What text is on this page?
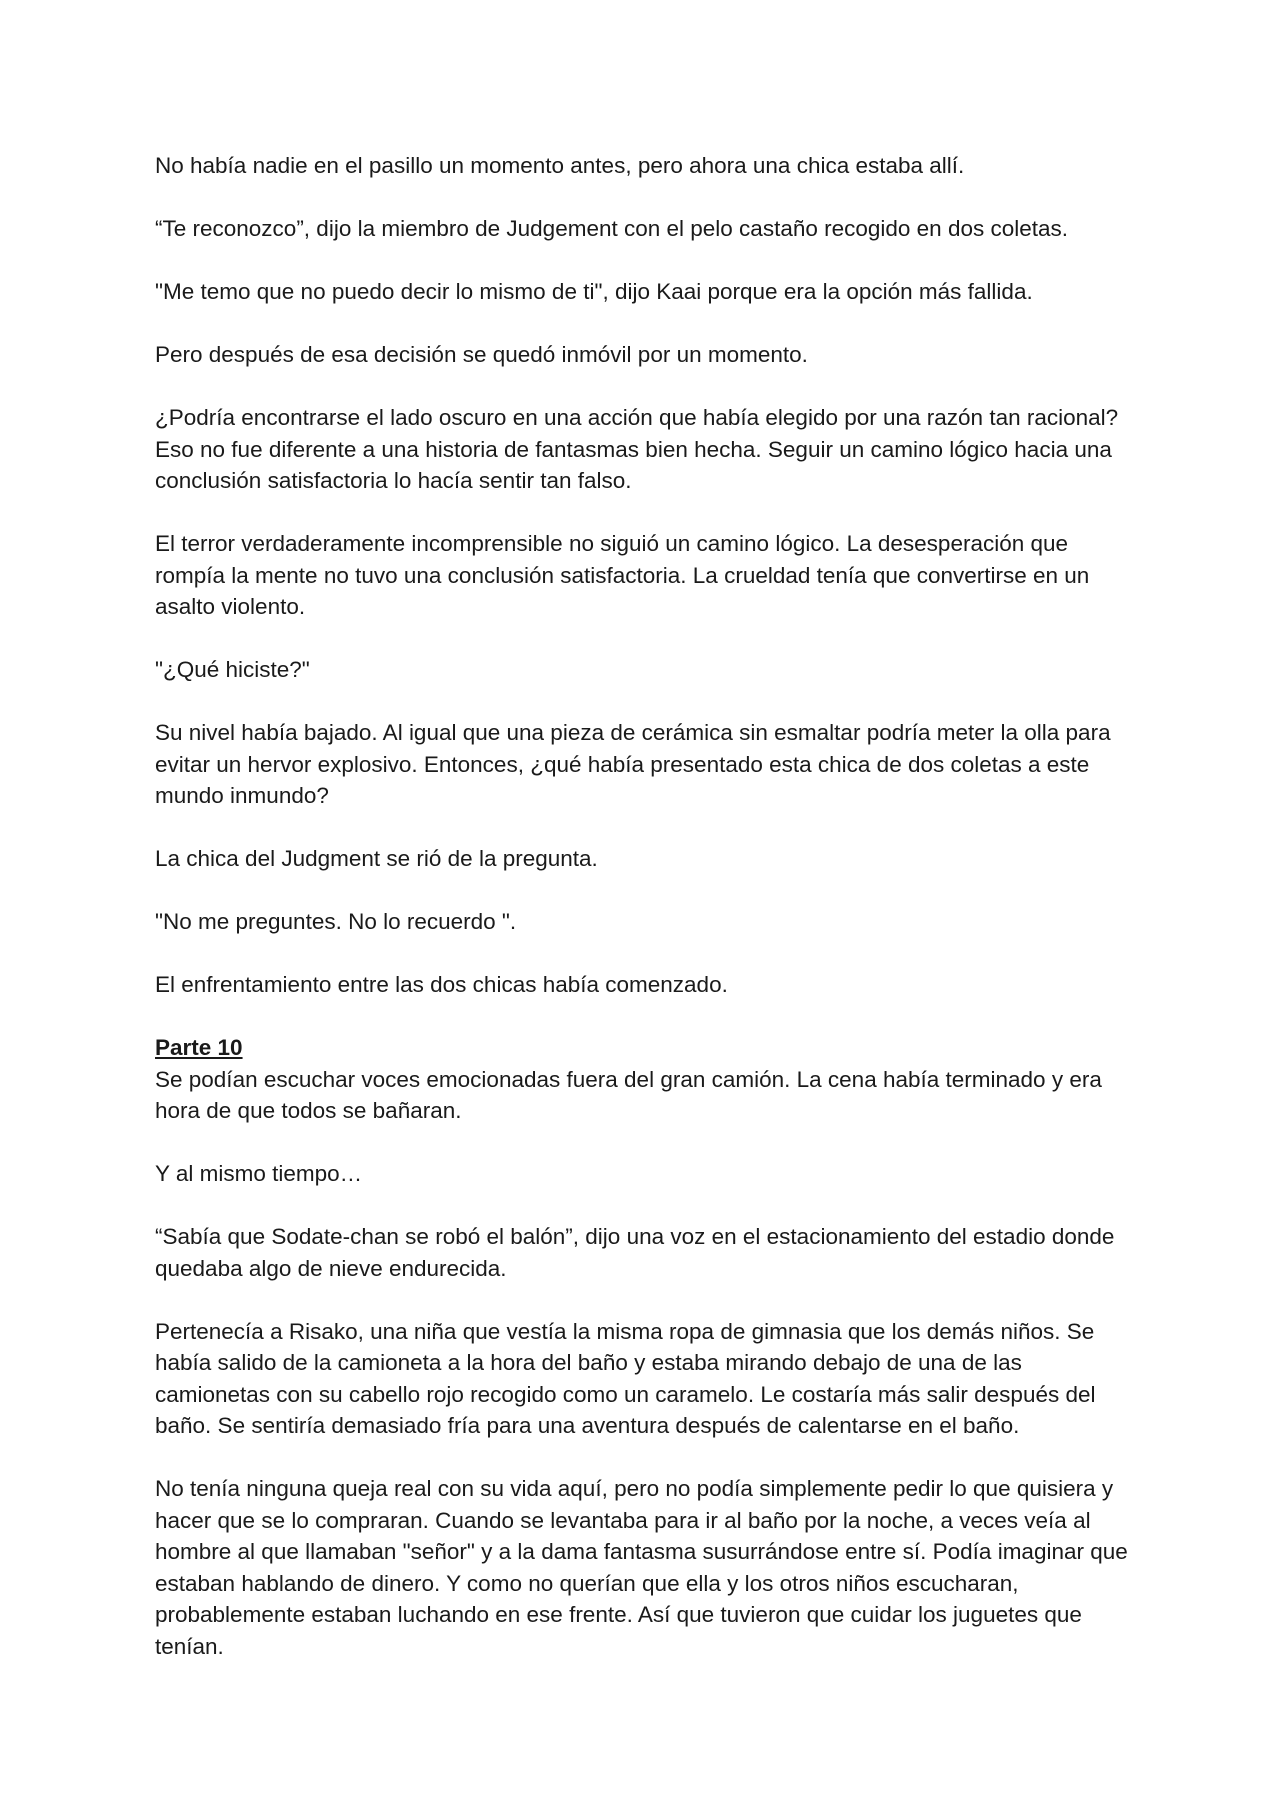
No había nadie en el pasillo un momento antes, pero ahora una chica estaba allí.

“Te reconozco”, dijo la miembro de Judgement con el pelo castaño recogido en dos coletas.

"Me temo que no puedo decir lo mismo de ti", dijo Kaai porque era la opción más fallida.

Pero después de esa decisión se quedó inmóvil por un momento.

¿Podría encontrarse el lado oscuro en una acción que había elegido por una razón tan racional? Eso no fue diferente a una historia de fantasmas bien hecha. Seguir un camino lógico hacia una conclusión satisfactoria lo hacía sentir tan falso.

El terror verdaderamente incomprensible no siguió un camino lógico. La desesperación que rompía la mente no tuvo una conclusión satisfactoria. La crueldad tenía que convertirse en un asalto violento.

"¿Qué hiciste?"

Su nivel había bajado. Al igual que una pieza de cerámica sin esmaltar podría meter la olla para evitar un hervor explosivo. Entonces, ¿qué había presentado esta chica de dos coletas a este mundo inmundo?

La chica del Judgment se rió de la pregunta.

"No me preguntes. No lo recuerdo ".

El enfrentamiento entre las dos chicas había comenzado.

Parte 10

Se podían escuchar voces emocionadas fuera del gran camión. La cena había terminado y era hora de que todos se bañaran.

Y al mismo tiempo…

“Sabía que Sodate-chan se robó el balón”, dijo una voz en el estacionamiento del estadio donde quedaba algo de nieve endurecida.

Pertenecía a Risako, una niña que vestía la misma ropa de gimnasia que los demás niños. Se había salido de la camioneta a la hora del baño y estaba mirando debajo de una de las camionetas con su cabello rojo recogido como un caramelo. Le costaría más salir después del baño. Se sentiría demasiado fría para una aventura después de calentarse en el baño.

No tenía ninguna queja real con su vida aquí, pero no podía simplemente pedir lo que quisiera y hacer que se lo compraran. Cuando se levantaba para ir al baño por la noche, a veces veía al hombre al que llamaban "señor" y a la dama fantasma susurrándose entre sí. Podía imaginar que estaban hablando de dinero. Y como no querían que ella y los otros niños escucharan, probablemente estaban luchando en ese frente. Así que tuvieron que cuidar los juguetes que tenían.
